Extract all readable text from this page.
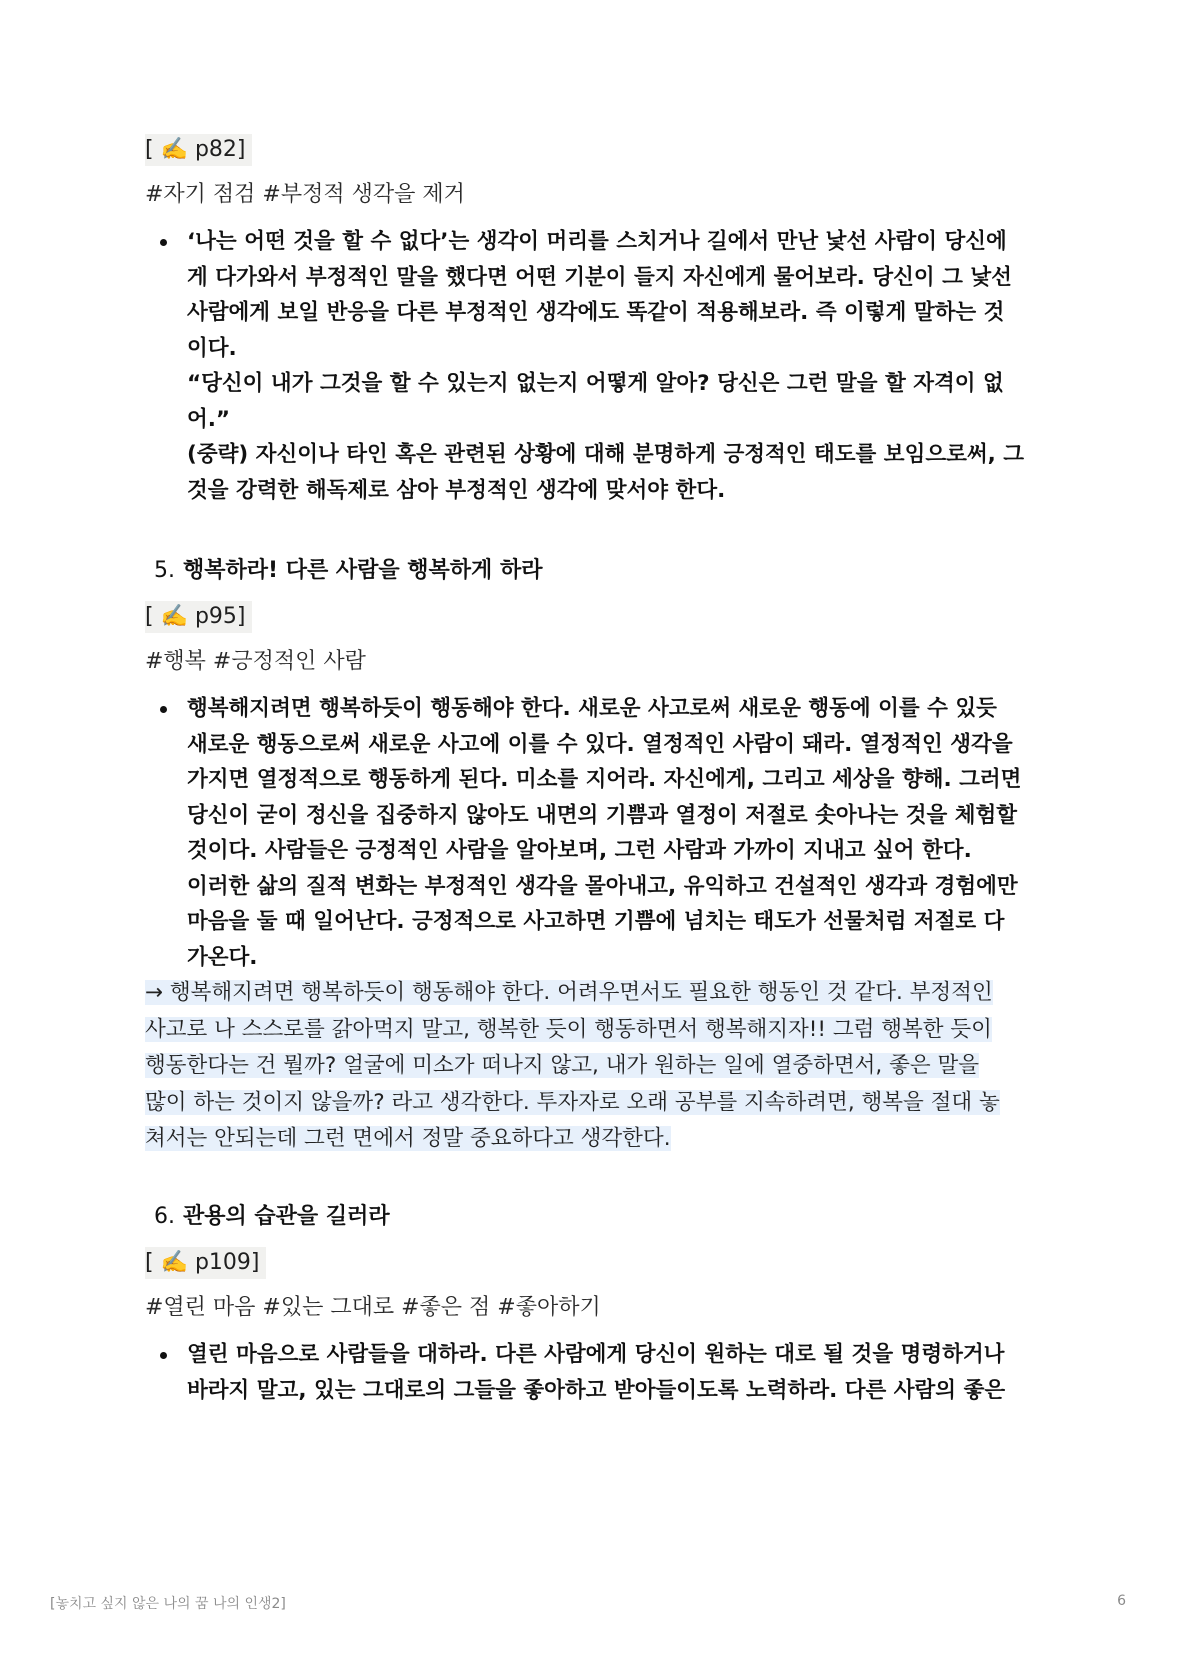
[ ✍️ p82]
#자기 점검 #부정적 생각을 제거
‘나는 어떤 것을 할 수 없다’는 생각이 머리를 스치거나 길에서 만난 낯선 사람이 당신에
게 다가와서 부정적인 말을 했다면 어떤 기분이 들지 자신에게 물어보라. 당신이 그 낯선
사람에게 보일 반응을 다른 부정적인 생각에도 똑같이 적용해보라. 즉 이렇게 말하는 것
이다.
“당신이 내가 그것을 할 수 있는지 없는지 어떻게 알아? 당신은 그런 말을 할 자격이 없
어.”
(중략) 자신이나 타인 혹은 관련된 상황에 대해 분명하게 긍정적인 태도를 보임으로써, 그
것을 강력한 해독제로 삼아 부정적인 생각에 맞서야 한다.
5. 행복하라! 다른 사람을 행복하게 하라
[ ✍️ p95]
#행복 #긍정적인 사람
행복해지려면 행복하듯이 행동해야 한다. 새로운 사고로써 새로운 행동에 이를 수 있듯
새로운 행동으로써 새로운 사고에 이를 수 있다. 열정적인 사람이 돼라. 열정적인 생각을
가지면 열정적으로 행동하게 된다. 미소를 지어라. 자신에게, 그리고 세상을 향해. 그러면
당신이 굳이 정신을 집중하지 않아도 내면의 기쁨과 열정이 저절로 솟아나는 것을 체험할
것이다. 사람들은 긍정적인 사람을 알아보며, 그런 사람과 가까이 지내고 싶어 한다.
이러한 삶의 질적 변화는 부정적인 생각을 몰아내고, 유익하고 건설적인 생각과 경험에만
마음을 둘 때 일어난다. 긍정적으로 사고하면 기쁨에 넘치는 태도가 선물처럼 저절로 다
가온다.
→ 행복해지려면 행복하듯이 행동해야 한다. 어려우면서도 필요한 행동인 것 같다. 부정적인
사고로 나 스스로를 갉아먹지 말고, 행복한 듯이 행동하면서 행복해지자!! 그럼 행복한 듯이
행동한다는 건 뭘까? 얼굴에 미소가 떠나지 않고, 내가 원하는 일에 열중하면서, 좋은 말을
많이 하는 것이지 않을까? 라고 생각한다. 투자자로 오래 공부를 지속하려면, 행복을 절대 놓
쳐서는 안되는데 그런 면에서 정말 중요하다고 생각한다.
6. 관용의 습관을 길러라
[ ✍️ p109]
#열린 마음 #있는 그대로 #좋은 점 #좋아하기
열린 마음으로 사람들을 대하라. 다른 사람에게 당신이 원하는 대로 될 것을 명령하거나
바라지 말고, 있는 그대로의 그들을 좋아하고 받아들이도록 노력하라. 다른 사람의 좋은
[놓치고 싶지 않은 나의 꿈 나의 인생2]	6
